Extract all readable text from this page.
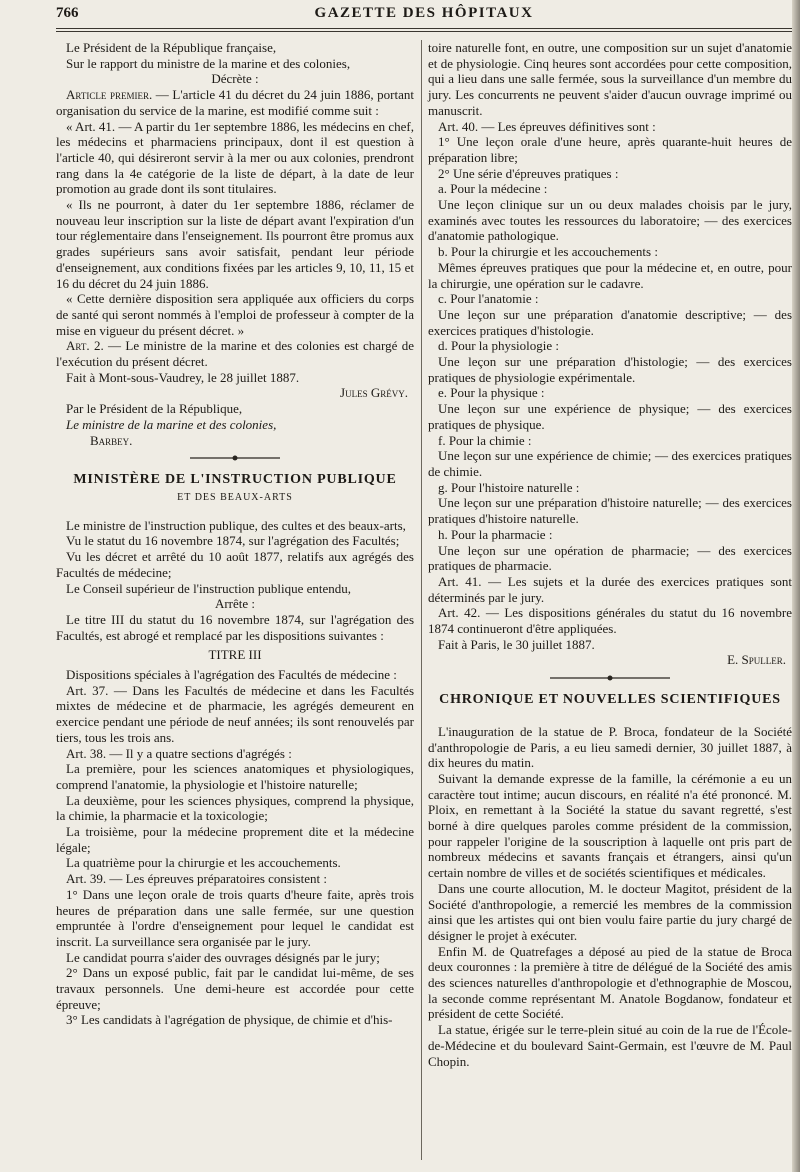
766	GAZETTE DES HÔPITAUX

Le Président de la République française,

Sur le rapport du ministre de la marine et des colonies,

Décrète :

Article premier. — L'article 41 du décret du 24 juin 1886, portant organisation du service de la marine, est modifié comme suit :

« Art. 41. — A partir du 1er septembre 1886, les médecins en chef, les médecins et pharmaciens principaux, dont il est question à l'article 40, qui désireront servir à la mer ou aux colonies, prendront rang dans la 4e catégorie de la liste de départ, à la date de leur promotion au grade dont ils sont titulaires.

« Ils ne pourront, à dater du 1er septembre 1886, réclamer de nouveau leur inscription sur la liste de départ avant l'expiration d'un tour réglementaire dans l'enseignement. Ils pourront être promus aux grades supérieurs sans avoir satisfait, pendant leur période d'enseignement, aux conditions fixées par les articles 9, 10, 11, 15 et 16 du décret du 24 juin 1886.

« Cette dernière disposition sera appliquée aux officiers du corps de santé qui seront nommés à l'emploi de professeur à compter de la mise en vigueur du présent décret. »

Art. 2. — Le ministre de la marine et des colonies est chargé de l'exécution du présent décret.

Fait à Mont-sous-Vaudrey, le 28 juillet 1887.

Jules Grévy.

Par le Président de la République,

Le ministre de la marine et des colonies,

Barbey.

MINISTÈRE DE L'INSTRUCTION PUBLIQUE
ET DES BEAUX-ARTS

Le ministre de l'instruction publique, des cultes et des beaux-arts,

Vu le statut du 16 novembre 1874, sur l'agrégation des Facultés;

Vu les décret et arrêté du 10 août 1877, relatifs aux agrégés des Facultés de médecine;

Le Conseil supérieur de l'instruction publique entendu,

Arrête :

Le titre III du statut du 16 novembre 1874, sur l'agrégation des Facultés, est abrogé et remplacé par les dispositions suivantes :

TITRE III

Dispositions spéciales à l'agrégation des Facultés de médecine :

Art. 37. — Dans les Facultés de médecine et dans les Facultés mixtes de médecine et de pharmacie, les agrégés demeurent en exercice pendant une période de neuf années; ils sont renouvelés par tiers, tous les trois ans.

Art. 38. — Il y a quatre sections d'agrégés :

La première, pour les sciences anatomiques et physiologiques, comprend l'anatomie, la physiologie et l'histoire naturelle;

La deuxième, pour les sciences physiques, comprend la physique, la chimie, la pharmacie et la toxicologie;

La troisième, pour la médecine proprement dite et la médecine légale;

La quatrième pour la chirurgie et les accouchements.

Art. 39. — Les épreuves préparatoires consistent :

1° Dans une leçon orale de trois quarts d'heure faite, après trois heures de préparation dans une salle fermée, sur une question empruntée à l'ordre d'enseignement pour lequel le candidat est inscrit. La surveillance sera organisée par le jury.

Le candidat pourra s'aider des ouvrages désignés par le jury;

2° Dans un exposé public, fait par le candidat lui-même, de ses travaux personnels. Une demi-heure est accordée pour cette épreuve;

3° Les candidats à l'agrégation de physique, de chimie et d'his-

toire naturelle font, en outre, une composition sur un sujet d'anatomie et de physiologie. Cinq heures sont accordées pour cette composition, qui a lieu dans une salle fermée, sous la surveillance d'un membre du jury. Les concurrents ne peuvent s'aider d'aucun ouvrage imprimé ou manuscrit.

Art. 40. — Les épreuves définitives sont :

1° Une leçon orale d'une heure, après quarante-huit heures de préparation libre;

2° Une série d'épreuves pratiques :

a. Pour la médecine :

Une leçon clinique sur un ou deux malades choisis par le jury, examinés avec toutes les ressources du laboratoire; — des exercices d'anatomie pathologique.

b. Pour la chirurgie et les accouchements :

Mêmes épreuves pratiques que pour la médecine et, en outre, pour la chirurgie, une opération sur le cadavre.

c. Pour l'anatomie :

Une leçon sur une préparation d'anatomie descriptive; — des exercices pratiques d'histologie.

d. Pour la physiologie :

Une leçon sur une préparation d'histologie; — des exercices pratiques de physiologie expérimentale.

e. Pour la physique :

Une leçon sur une expérience de physique; — des exercices pratiques de physique.

f. Pour la chimie :

Une leçon sur une expérience de chimie; — des exercices pratiques de chimie.

g. Pour l'histoire naturelle :

Une leçon sur une préparation d'histoire naturelle; — des exercices pratiques d'histoire naturelle.

h. Pour la pharmacie :

Une leçon sur une opération de pharmacie; — des exercices pratiques de pharmacie.

Art. 41. — Les sujets et la durée des exercices pratiques sont déterminés par le jury.

Art. 42. — Les dispositions générales du statut du 16 novembre 1874 continueront d'être appliquées.

Fait à Paris, le 30 juillet 1887.

E. Spuller.

CHRONIQUE ET NOUVELLES SCIENTIFIQUES

L'inauguration de la statue de P. Broca, fondateur de la Société d'anthropologie de Paris, a eu lieu samedi dernier, 30 juillet 1887, à dix heures du matin.

Suivant la demande expresse de la famille, la cérémonie a eu un caractère tout intime; aucun discours, en réalité n'a été prononcé. M. Ploix, en remettant à la Société la statue du savant regretté, s'est borné à dire quelques paroles comme président de la commission, pour rappeler l'origine de la souscription à laquelle ont pris part de nombreux médecins et savants français et étrangers, ainsi qu'un certain nombre de villes et de sociétés scientifiques et médicales.

Dans une courte allocution, M. le docteur Magitot, président de la Société d'anthropologie, a remercié les membres de la commission ainsi que les artistes qui ont bien voulu faire partie du jury chargé de désigner le projet à exécuter.

Enfin M. de Quatrefages a déposé au pied de la statue de Broca deux couronnes : la première à titre de délégué de la Société des amis des sciences naturelles d'anthropologie et d'ethnographie de Moscou, la seconde comme représentant M. Anatole Bogdanow, fondateur et président de cette Société.

La statue, érigée sur le terre-plein situé au coin de la rue de l'École-de-Médecine et du boulevard Saint-Germain, est l'œuvre de M. Paul Chopin.
